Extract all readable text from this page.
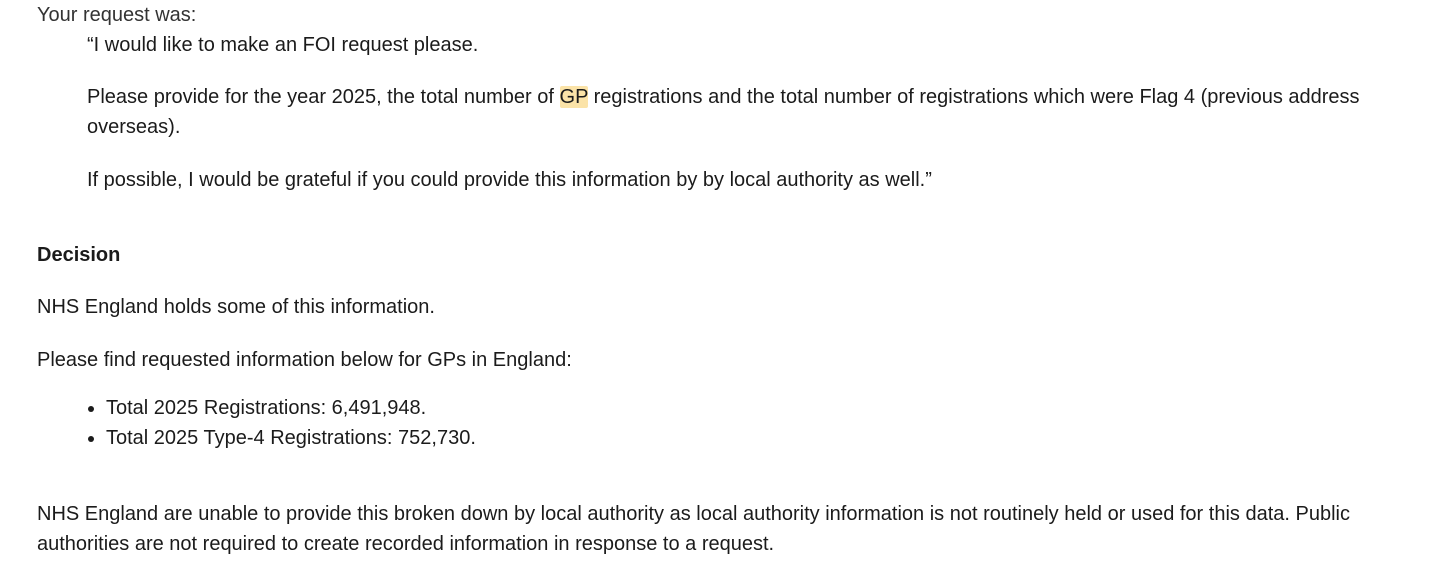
Your request was:

“I would like to make an FOI request please.

Please provide for the year 2025, the total number of GP registrations and the total number of registrations which were Flag 4 (previous address overseas).

If possible, I would be grateful if you could provide this information by by local authority as well.”

Decision

NHS England holds some of this information.

Please find requested information below for GPs in England:

• Total 2025 Registrations: 6,491,948.
• Total 2025 Type-4 Registrations: 752,730.

NHS England are unable to provide this broken down by local authority as local authority information is not routinely held or used for this data. Public authorities are not required to create recorded information in response to a request.
